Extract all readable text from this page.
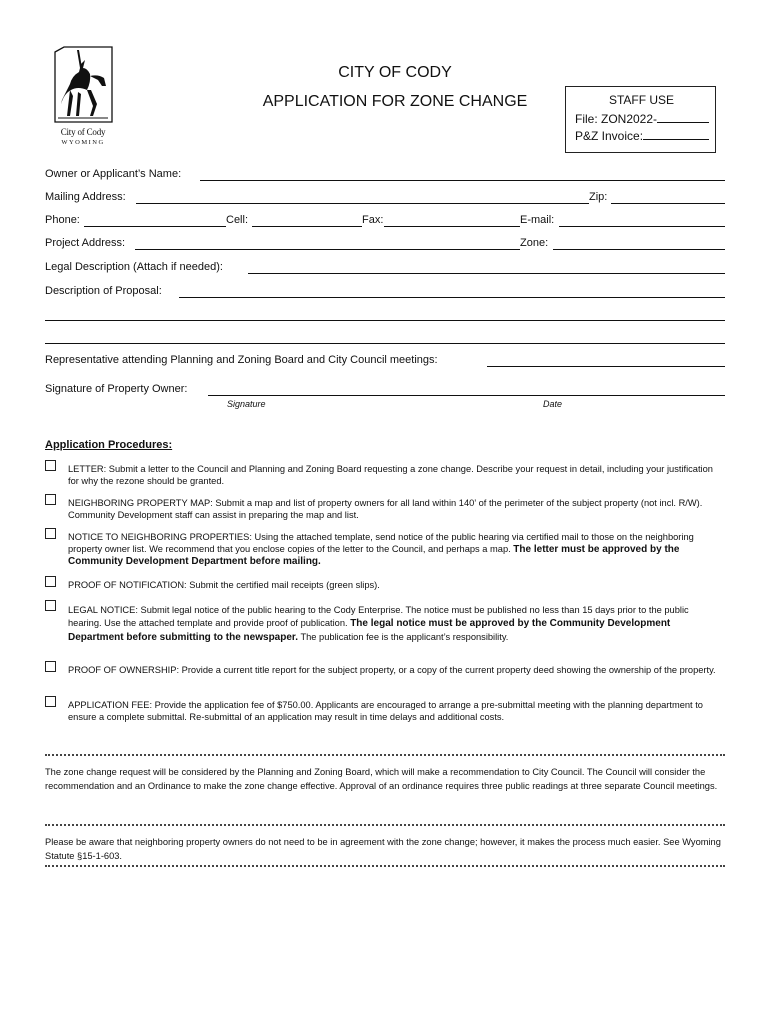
City of Cody
WYOMING
CITY OF CODY
APPLICATION FOR ZONE CHANGE	STAFF USE
File: ZON2022-
P&Z Invoice:
Owner or Applicant’s Name:
Mailing Address:	Zip:
Phone:	Cell:	Fax:	E-mail:
Project Address:	Zone:
Legal Description (Attach if needed):
Description of Proposal:
Representative attending Planning and Zoning Board and City Council meetings:
Signature of Property Owner:
Signature	Date
Application Procedures:
LETTER: Submit a letter to the Council and Planning and Zoning Board requesting a zone change. Describe your request in detail, including your justification for why the rezone should be granted.
NEIGHBORING PROPERTY MAP: Submit a map and list of property owners for all land within 140’ of the perimeter of the subject property (not incl. R/W). Community Development staff can assist in preparing the map and list.
NOTICE TO NEIGHBORING PROPERTIES: Using the attached template, send notice of the public hearing via certified mail to those on the neighboring property owner list. We recommend that you enclose copies of the letter to the Council, and perhaps a map. The letter must be approved by the Community Development Department before mailing.
PROOF OF NOTIFICATION: Submit the certified mail receipts (green slips).
LEGAL NOTICE: Submit legal notice of the public hearing to the Cody Enterprise. The notice must be published no less than 15 days prior to the public hearing. Use the attached template and provide proof of publication. The legal notice must be approved by the Community Development Department before submitting to the newspaper. The publication fee is the applicant’s responsibility.
PROOF OF OWNERSHIP: Provide a current title report for the subject property, or a copy of the current property deed showing the ownership of the property.
APPLICATION FEE: Provide the application fee of $750.00. Applicants are encouraged to arrange a pre-submittal meeting with the planning department to ensure a complete submittal. Re-submittal of an application may result in time delays and additional costs.
The zone change request will be considered by the Planning and Zoning Board, which will make a recommendation to City Council. The Council will consider the recommendation and an Ordinance to make the zone change effective. Approval of an ordinance requires three public readings at three separate Council meetings.
Please be aware that neighboring property owners do not need to be in agreement with the zone change; however, it makes the process much easier. See Wyoming Statute §15-1-603.
